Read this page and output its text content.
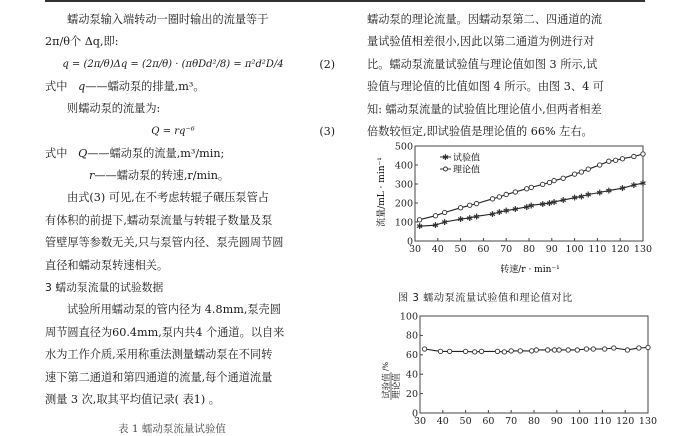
蠕动泵输入端转动一圈时输出的流量等于

2π/θ个 Δq,即:

q = (2π/θ)Δq = (2π/θ) · (πθDd²/8) = π²d²D/4	(2)

式中 q——蠕动泵的排量,m³。

则蠕动泵的流量为:

Q = rq⁻⁶	(3)

式中 Q——蠕动泵的流量,m³/min;

r——蠕动泵的转速,r/min。

由式(3) 可见,在不考虑转辊子碾压泵管占

有体积的前提下,蠕动泵流量与转辊子数量及泵

管壁厚等参数无关,只与泵管内径、泵壳圆周节圆

直径和蠕动泵转速相关。

3 蠕动泵流量的试验数据

试验所用蠕动泵的管内径为 4.8mm,泵壳圆

周节圆直径为60.4mm,泵内共4 个通道。以自来

水为工作介质,采用称重法测量蠕动泵在不同转

速下第二通道和第四通道的流量,每个通道流量

测量 3 次,取其平均值记录( 表1) 。

表 1 蠕动泵流量试验值

蠕动泵的理论流量。因蠕动泵第二、四通道的流

量试验值相差很小,因此以第二通道为例进行对

比。蠕动泵流量试验值与理论值如图 3 所示,试

验值与理论值的比值如图 4 所示。由图 3、4 可

知: 蠕动泵流量的试验值比理论值小,但两者相差

倍数较恒定,即试验值是理论值的 66% 左右。

30 40 50 60 70 80 90 100 110 120 130
0
100
200
300
400
500
✱ ✱ ✱ ✱ ✱ ✱ ✱ ✱ ✱ ✱ ✱
✱ ✱ ✱
✱ ✱ ✱ ✱ ✱ ✱ ✱ ✱ ✱ ✱
流量/mL · min⁻¹
转速/r · min⁻¹
✱ 试验值
理论值
图 3 蠕动泵流量试验值和理论值对比
30 40 50 60 70 80 90 100 110 120 130
0
20
40
60
80
100
试验值 理论值
/%
